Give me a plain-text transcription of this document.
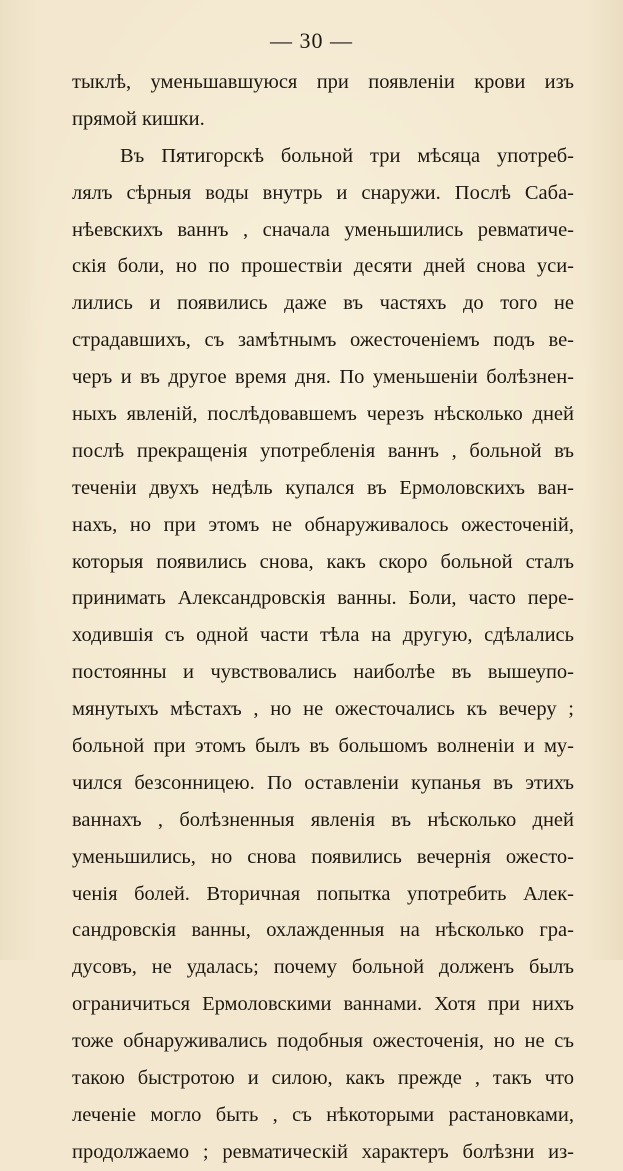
— 30 —
тыклѣ, уменьшавшуюся при появленіи крови изъ
прямой кишки.
Въ Пятигорскѣ больной три мѣсяца употреб-
лялъ сѣрныя воды внутрь и снаружи. Послѣ Саба-
нѣевскихъ ваннъ , сначала уменьшились ревматиче-
скія боли, но по прошествіи десяти дней снова уси-
лились и появились даже въ частяхъ до того не
страдавшихъ, съ замѣтнымъ ожесточеніемъ подъ ве-
черъ и въ другое время дня. По уменьшеніи болѣзнен-
ныхъ явленій, послѣдовавшемъ черезъ нѣсколько дней
послѣ прекращенія употребленія ваннъ , больной въ
теченіи двухъ недѣль купался въ Ермоловскихъ ван-
нахъ, но при этомъ не обнаруживалось ожесточеній,
которыя появились снова, какъ скоро больной сталъ
принимать Александровскія ванны. Боли, часто пере-
ходившія съ одной части тѣла на другую, сдѣлались
постоянны и чувствовались наиболѣе въ вышеупо-
мянутыхъ мѣстахъ , но не ожесточались къ вечеру ;
больной при этомъ былъ въ большомъ волненіи и му-
чился безсонницею. По оставленіи купанья въ этихъ
ваннахъ , болѣзненныя явленія въ нѣсколько дней
уменьшились, но снова появились вечернія ожесто-
ченія болей. Вторичная попытка употребить Алек-
сандровскія ванны, охлажденныя на нѣсколько гра-
дусовъ, не удалась; почему больной долженъ былъ
ограничиться Ермоловскими ваннами. Хотя при нихъ
тоже обнаруживались подобныя ожесточенія, но не съ
такою быстротою и силою, какъ прежде , такъ что
леченіе могло быть , съ нѣкоторыми растановками,
продолжаемо ; ревматическій характеръ болѣзни из-
